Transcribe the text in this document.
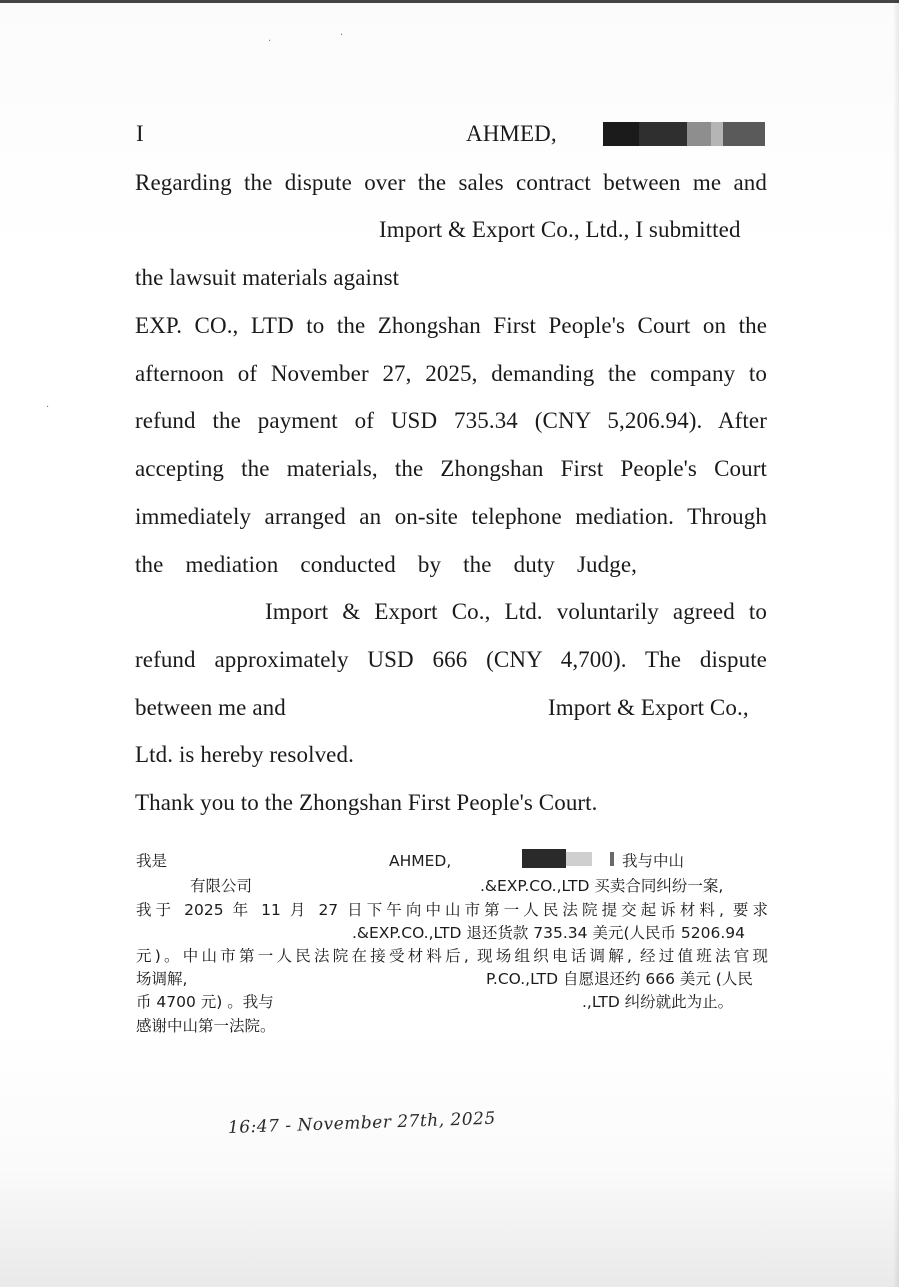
·
·
·
I	AHMED,
Regarding the dispute over the sales contract between me and
Import & Export Co., Ltd., I submitted
the lawsuit materials against
EXP. CO., LTD to the Zhongshan First People's Court on the
afternoon of November 27, 2025, demanding the company to
refund the payment of USD 735.34 (CNY 5,206.94). After
accepting the materials, the Zhongshan First People's Court
immediately arranged an on-site telephone mediation. Through
the mediation conducted by the duty Judge,
Import & Export Co., Ltd. voluntarily agreed to
refund approximately USD 666 (CNY 4,700). The dispute
between me and	Import & Export Co.,
Ltd. is hereby resolved.
Thank you to the Zhongshan First People's Court.
我是	AHMED,	我与中山
有限公司	.&EXP.CO.,LTD 买卖合同纠纷一案,
我于 2025 年 11 月 27 日下午向中山市第一人民法院提交起诉材料, 要求
.&EXP.CO.,LTD 退还货款 735.34 美元(人民币 5206.94
元)。中山市第一人民法院在接受材料后, 现场组织电话调解, 经过值班法官现
场调解,	P.CO.,LTD 自愿退还约 666 美元 (人民
币 4700 元) 。我与	.,LTD 纠纷就此为止。
感谢中山第一法院。
16:47 - November 27th, 2025
